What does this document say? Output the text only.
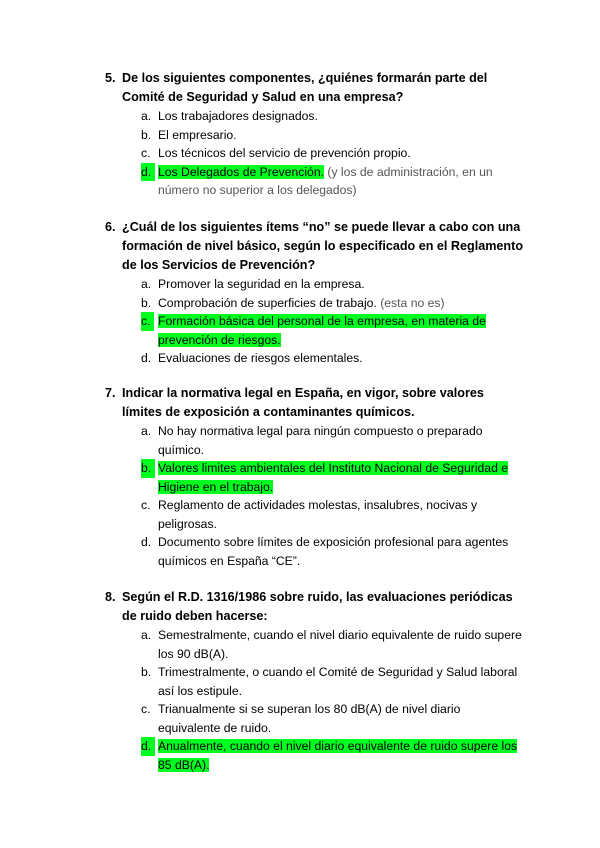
5. De los siguientes componentes, ¿quiénes formarán parte del Comité de Seguridad y Salud en una empresa?
a. Los trabajadores designados.
b. El empresario.
c. Los técnicos del servicio de prevención propio.
d. Los Delegados de Prevención. (y los de administración, en un número no superior a los delegados)
6. ¿Cuál de los siguientes ítems “no” se puede llevar a cabo con una formación de nivel básico, según lo especificado en el Reglamento de los Servicios de Prevención?
a. Promover la seguridad en la empresa.
b. Comprobación de superficies de trabajo. (esta no es)
c. Formación básica del personal de la empresa, en materia de prevención de riesgos.
d. Evaluaciones de riesgos elementales.
7. Indicar la normativa legal en España, en vigor, sobre valores límites de exposición a contaminantes químicos.
a. No hay normativa legal para ningún compuesto o preparado químico.
b. Valores limites ambientales del Instituto Nacional de Seguridad e Higiene en el trabajo.
c. Reglamento de actividades molestas, insalubres, nocivas y peligrosas.
d. Documento sobre límites de exposición profesional para agentes químicos en España “CE”.
8. Según el R.D. 1316/1986 sobre ruido, las evaluaciones periódicas de ruido deben hacerse:
a. Semestralmente, cuando el nivel diario equivalente de ruido supere los 90 dB(A).
b. Trimestralmente, o cuando el Comité de Seguridad y Salud laboral así los estipule.
c. Trianualmente si se superan los 80 dB(A) de nivel diario equivalente de ruido.
d. Anualmente, cuando el nivel diario equivalente de ruido supere los 85 dB(A).
